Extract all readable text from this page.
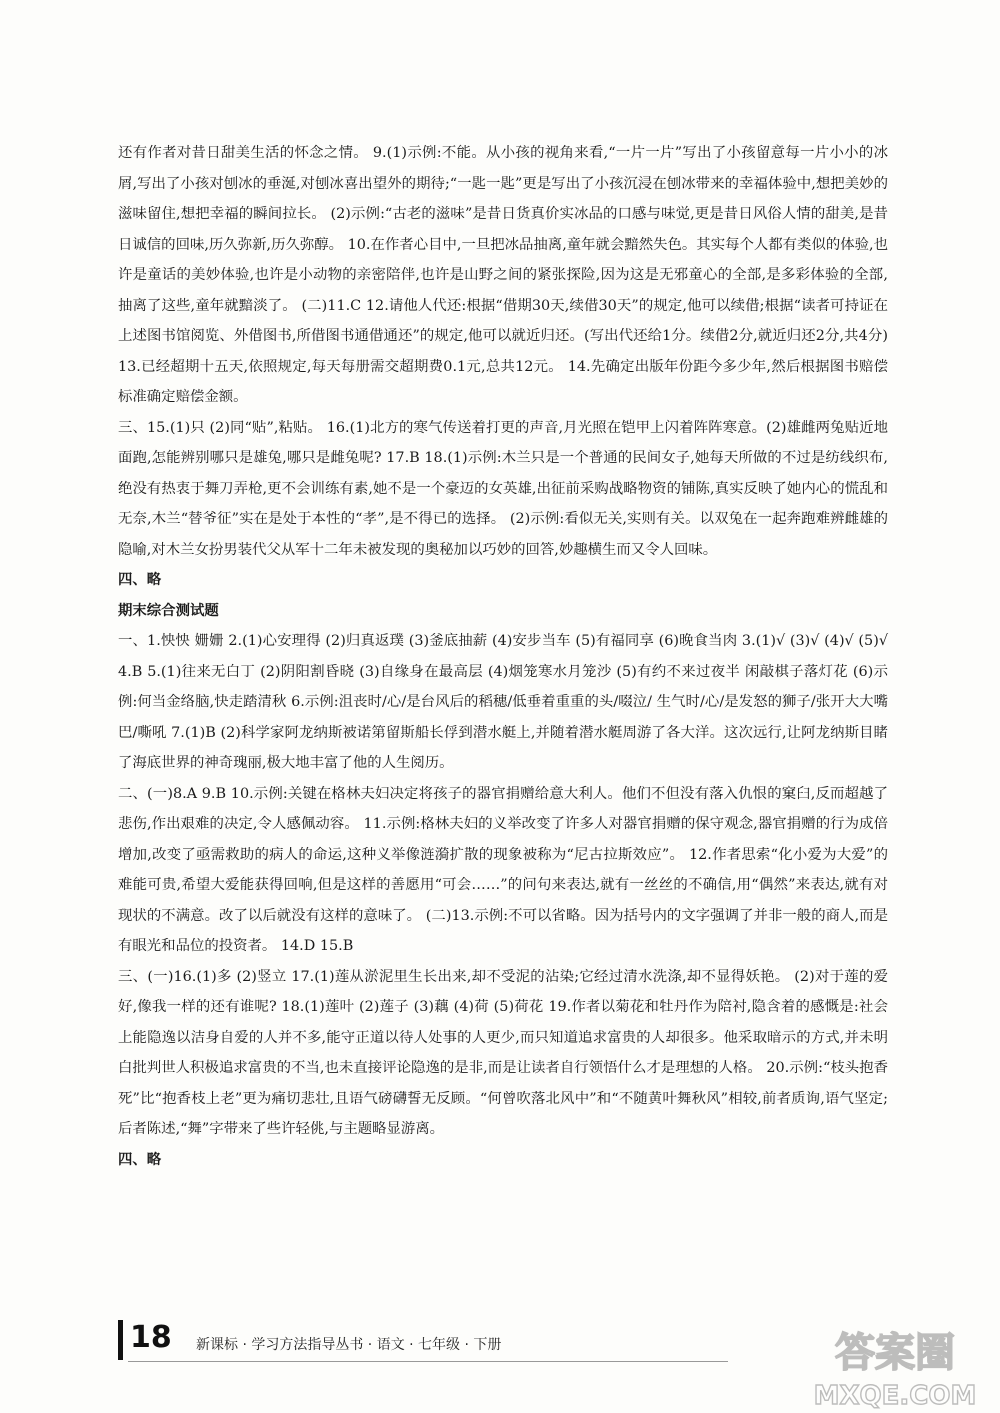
还有作者对昔日甜美生活的怀念之情。 9.(1)示例:不能。从小孩的视角来看,“一片一片”写出了小孩留意每一片小小的冰屑,写出了小孩对刨冰的垂涎,对刨冰喜出望外的期待;“一匙一匙”更是写出了小孩沉浸在刨冰带来的幸福体验中,想把美妙的滋味留住,想把幸福的瞬间拉长。 (2)示例:“古老的滋味”是昔日货真价实冰品的口感与味觉,更是昔日风俗人情的甜美,是昔日诚信的回味,历久弥新,历久弥醇。 10.在作者心目中,一旦把冰品抽离,童年就会黯然失色。其实每个人都有类似的体验,也许是童话的美妙体验,也许是小动物的亲密陪伴,也许是山野之间的紧张探险,因为这是无邪童心的全部,是多彩体验的全部,抽离了这些,童年就黯淡了。 (二)11.C 12.请他人代还:根据“借期30天,续借30天”的规定,他可以续借;根据“读者可持证在上述图书馆阅览、外借图书,所借图书通借通还”的规定,他可以就近归还。(写出代还给1分。续借2分,就近归还2分,共4分) 13.已经超期十五天,依照规定,每天每册需交超期费0.1元,总共12元。 14.先确定出版年份距今多少年,然后根据图书赔偿标准确定赔偿金额。

三、15.(1)只 (2)同“贴”,粘贴。 16.(1)北方的寒气传送着打更的声音,月光照在铠甲上闪着阵阵寒意。(2)雄雌两兔贴近地面跑,怎能辨别哪只是雄兔,哪只是雌兔呢? 17.B 18.(1)示例:木兰只是一个普通的民间女子,她每天所做的不过是纺线织布,绝没有热衷于舞刀弄枪,更不会训练有素,她不是一个豪迈的女英雄,出征前采购战略物资的铺陈,真实反映了她内心的慌乱和无奈,木兰“替爷征”实在是处于本性的“孝”,是不得已的选择。 (2)示例:看似无关,实则有关。以双兔在一起奔跑难辨雌雄的隐喻,对木兰女扮男装代父从军十二年未被发现的奥秘加以巧妙的回答,妙趣横生而又令人回味。

四、略

期末综合测试题

一、1.怏怏 姗姗 2.(1)心安理得 (2)归真返璞 (3)釜底抽薪 (4)安步当车 (5)有福同享 (6)晚食当肉 3.(1)√ (3)√ (4)√ (5)√ 4.B 5.(1)往来无白丁 (2)阴阳割昏晓 (3)自缘身在最高层 (4)烟笼寒水月笼沙 (5)有约不来过夜半 闲敲棋子落灯花 (6)示例:何当金络脑,快走踏清秋 6.示例:沮丧时/心/是台风后的稻穗/低垂着重重的头/啜泣/ 生气时/心/是发怒的狮子/张开大大嘴巴/嘶吼 7.(1)B (2)科学家阿龙纳斯被诺第留斯船长俘到潜水艇上,并随着潜水艇周游了各大洋。这次远行,让阿龙纳斯目睹了海底世界的神奇瑰丽,极大地丰富了他的人生阅历。

二、(一)8.A 9.B 10.示例:关键在格林夫妇决定将孩子的器官捐赠给意大利人。他们不但没有落入仇恨的窠臼,反而超越了悲伤,作出艰难的决定,令人感佩动容。 11.示例:格林夫妇的义举改变了许多人对器官捐赠的保守观念,器官捐赠的行为成倍增加,改变了亟需救助的病人的命运,这种义举像涟漪扩散的现象被称为“尼古拉斯效应”。 12.作者思索“化小爱为大爱”的难能可贵,希望大爱能获得回响,但是这样的善愿用“可会……”的问句来表达,就有一丝丝的不确信,用“偶然”来表达,就有对现状的不满意。改了以后就没有这样的意味了。 (二)13.示例:不可以省略。因为括号内的文字强调了并非一般的商人,而是有眼光和品位的投资者。 14.D 15.B

三、(一)16.(1)多 (2)竖立 17.(1)莲从淤泥里生长出来,却不受泥的沾染;它经过清水洗涤,却不显得妖艳。 (2)对于莲的爱好,像我一样的还有谁呢? 18.(1)莲叶 (2)莲子 (3)藕 (4)荷 (5)荷花 19.作者以菊花和牡丹作为陪衬,隐含着的感慨是:社会上能隐逸以洁身自爱的人并不多,能守正道以待人处事的人更少,而只知道追求富贵的人却很多。他采取暗示的方式,并未明白批判世人积极追求富贵的不当,也未直接评论隐逸的是非,而是让读者自行领悟什么才是理想的人格。 20.示例:“枝头抱香死”比“抱香枝上老”更为痛切悲壮,且语气磅礴誓无反顾。“何曾吹落北风中”和“不随黄叶舞秋风”相较,前者质询,语气坚定;后者陈述,“舞”字带来了些许轻佻,与主题略显游离。

四、略

18 新课标 · 学习方法指导丛书 · 语文 · 七年级 · 下册	答案圈
MXQE.COM
